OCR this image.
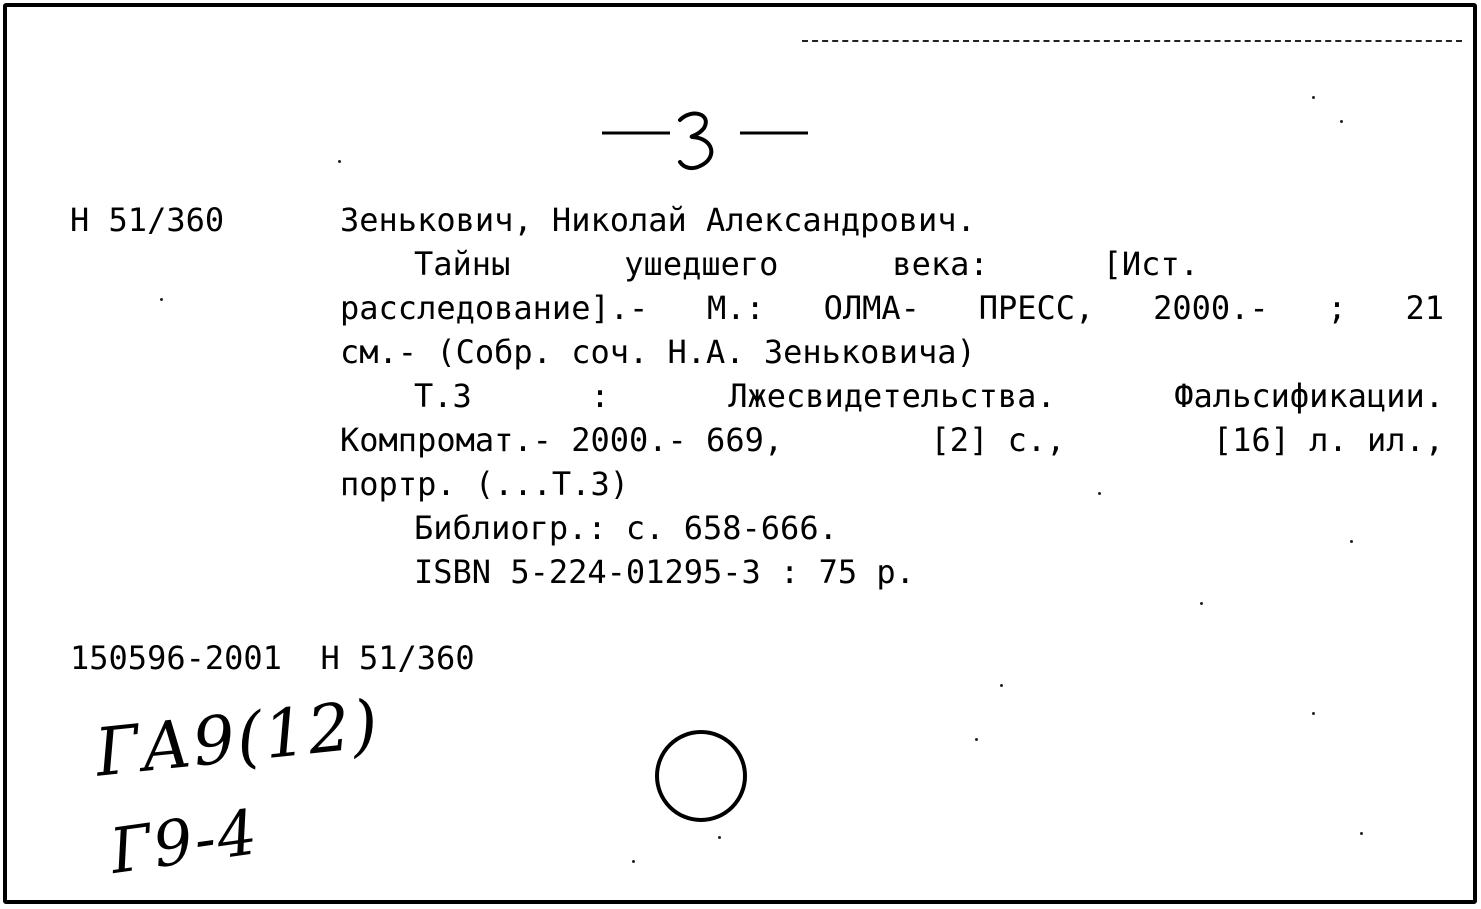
Н 51/360	Зенькович, Николай Александрович.
Тайны	ушедшего	века:	[Ист.
расследование].- М.: ОЛМА- ПРЕСС, 2000.- ; 21
см.- (Собр. соч. Н.А. Зеньковича)
Т.3	:	Лжесвидетельства.	Фальсификации.
Компромат.- 2000.- 669,	[2] с.,	[16] л. ил.,
портр. (...Т.3)
Библиогр.: с. 658-666.
ISBN 5-224-01295-3 : 75 р.
150596-2001  Н 51/360
ГА9(12)
Г9-4
